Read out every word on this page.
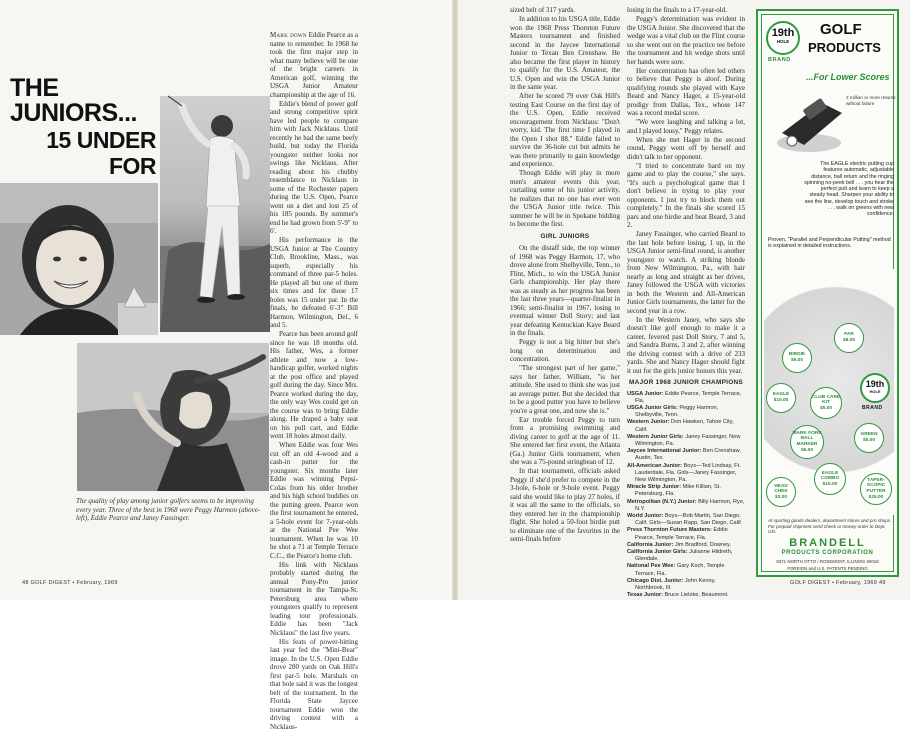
THE JUNIORS...
15 UNDER
FOR
The quality of play among junior golfers seems to be improving every year. Three of the best in 1968 were Peggy Harmon (above-left), Eddie Pearce and Janey Fassinger.

Mark down Eddie Pearce as a name to remember. In 1968 he took the first major step in what many believe will be one of the bright careers in American golf, winning the USGA Junior Amateur championship at the age of 16.

Eddie's blend of power golf and strong competitive spirit have led people to compare him with Jack Nicklaus. Until recently he had the same beefy build, but today the Florida youngster neither looks nor swings like Nicklaus. After reading about his chubby resemblance to Nicklaus in some of the Rochester papers during the U.S. Open, Pearce went on a diet and lost 25 of his 185 pounds. By summer's end he had grown from 5'-9" to 6'.

His performance in the USGA Junior at The Country Club, Brookline, Mass., was superb, especially his command of three par-5 holes. He played all but one of them six times and for those 17 holes was 15 under par. In the finals, he defeated 6'-3" Bill Harmon, Wilmington, Del., 6 and 5.

Pearce has been around golf since he was 18 months old. His father, Wes, a former athlete and now a low-handicap golfer, worked nights at the post office and played golf during the day. Since Mrs. Pearce worked during the day, the only way Wes could get on the course was to bring Eddie along. He draped a baby seat on his pull cart, and Eddie went 18 holes almost daily.

When Eddie was four Wes cut off an old 4-wood and a cash-in putter for the youngster. Six months later Eddie was winning Pepsi-Colas from his older brother and his high school buddies on the putting green. Pearce won the first tournament he entered, a 5-hole event for 7-year-olds at the National Pee Wee tournament. When he was 10 he shot a 71 at Temple Terrace C.C., the Pearce's home club.

His link with Nicklaus probably started during the annual Pony-Pro junior tournament in the Tampa-St. Petersburg area where youngsters qualify to represent leading tour professionals. Eddie has been "Jack Nicklaus" the last five years.

His feats of power-hitting last year fed the "Mini-Bear" image. In the U.S. Open Eddie drove 280 yards on Oak Hill's first par-5 hole. Marshals on that hole said it was the longest belt of the tournament. In the Florida State Jaycee tournament Eddie won the driving contest with a Nicklaus-

sized belt of 317 yards.

In addition to his USGA title, Eddie won the 1968 Press Thornton Future Masters tournament and finished second in the Jaycee International Junior to Texan Ben Crenshaw. He also became the first player in history to qualify for the U.S. Amateur, the U.S. Open and win the USGA Junior in the same year.

After he scored 79 over Oak Hill's testing East Course on the first day of the U.S. Open, Eddie received encouragement from Nicklaus: "Don't worry, kid. The first time I played in the Open I shot 88." Eddie failed to survive the 36-hole cut but admits he was there primarily to gain knowledge and experience.

Though Eddie will play in more men's amateur events this year, curtailing some of his junior activity, he realizes that no one has ever won the USGA Junior title twice. This summer he will be in Spokane bidding to become the first.

GIRL JUNIORS

On the distaff side, the top winner of 1968 was Peggy Harmon, 17, who drove alone from Shelbyville, Tenn., to Flint, Mich., to win the USGA Junior Girls championship. Her play there was as steady as her progress has been the last three years—quarter-finalist in 1966; semi-finalist in 1967, losing to eventual winner Doll Story; and last year defeating Kentuckian Kaye Beard in the finals.

Peggy is not a big hitter but she's long on determination and concentration.

"The strongest part of her game," says her father, William, "is her attitude. She used to think she was just an average putter. But she decided that to be a good putter you have to believe you're a great one, and now she is."

Ear trouble forced Peggy to turn from a promising swimming and diving career to golf at the age of 11. She entered her first event, the Atlanta (Ga.) Junior Girls tournament, when she was a 75-pound stringbean of 12.

In that tournament, officials asked Peggy if she'd prefer to compete in the 3-hole, 6-hole or 9-hole event. Peggy said she would like to play 27 holes, if it was all the same to the officials, so they entered her in the championship flight. She holed a 50-foot birdie putt to eliminate one of the favorites in the semi-finals before

losing in the finals to a 17-year-old.

Peggy's determination was evident in the USGA Junior. She discovered that the wedge was a vital club on the Flint course so she went out on the practice tee before the tournament and hit wedge shots until her hands were sore.

Her concentration has often led others to believe that Peggy is aloof. During qualifying rounds she played with Kaye Beard and Nancy Hager, a 15-year-old prodigy from Dallas, Tex., whose 147 was a record medal score.

"We were laughing and talking a lot, and I played lousy," Peggy relates.

When she met Hager in the second round, Peggy went off by herself and didn't talk to her opponent.

"I tried to concentrate hard on my game and to play the course," she says. "It's such a psychological game that I don't believe in trying to play your opponents. I just try to block them out completely." In the finals she scored 15 pars and one birdie and beat Beard, 3 and 2.

Janey Fassinger, who carried Beard to the last hole before losing, 1 up, in the USGA Junior semi-final round, is another youngster to watch. A striking blonde from New Wilmington, Pa., with hair nearly as long and straight as her drives, Janey followed the USGA with victories in both the Western and All-American Junior Girls tournaments, the latter for the second year in a row.

In the Western Janey, who says she doesn't like golf enough to make it a career, fevered past Doll Story, 7 and 5, and Sandra Burns, 3 and 2, after winning the driving contest with a drive of 233 yards. She and Nancy Hager should fight it out for the girls junior honors this year.

MAJOR 1968 JUNIOR CHAMPIONS
USGA Junior: Eddie Pearce, Temple Terrace, Fla.
USGA Junior Girls: Peggy Harmon, Shelbyville, Tenn.
Western Junior: Don Hawken, Tahoe City, Calif.
Western Junior Girls: Janey Fassinger, New Wilmington, Pa.
Jaycee International Junior: Ben Crenshaw, Austin, Tex.
All-American Junior: Boys—Ted Lindsay, Ft. Lauderdale, Fla. Girls—Janey Fassinger, New Wilmington, Pa.
Miracle Strip Junior: Mike Killian, St. Petersburg, Fla.
Metropolitan (N.Y.) Junior: Billy Harmon, Rye, N.Y.
World Junior: Boys—Bob Martin, San Diego, Calif. Girls—Susan Rapp, San Diego, Calif.
Press Thornton Future Masters: Eddie Pearce, Temple Terrace, Fla.
California Junior: Jim Bradford, Downey.
California Junior Girls: Julianne Hildreth, Glendale.
National Pee Wee: Gary Koch, Temple Terrace, Fla.
Chicago Dist. Junior: John Kenny, Northbrook, Ill.
Texas Junior: Bruce Lietzke, Beaumont.
48 GOLF DIGEST • February, 1969	GOLF DIGEST • February, 1969 49
19th
HOLE
BRAND
GOLF
PRODUCTS
...For Lower Scores
2 million or more returns without failure
The EAGLE electric putting cup features automatic, adjustable distance, ball return and the ringing spinning no-peek bell . . . you hear the perfect putt and learn to keep a steady head. Sharpen your ability to see the line, develop touch and stroke . . . walk on greens with new confidence.
Proven, "Parallel and Perpendicular Putting" method is explained in detailed instructions.
PAR
$8.00
BIRDIE
$9.00
EAGLE
$10.00
CLUB CARE KIT
$5.00
19th
HOLE
BRAND
MARK FORE BALL MARKER
$5.00
GREEN
$5.00
HEAD CHEK
$3.00
EAGLE COMBO
$15.00
TAPER-SCOPIC PUTTER
$25.00
At sporting goods dealers, department stores and pro shops. For prepaid shipment send check or money order to Dept. GD.
BRANDELL
PRODUCTS CORPORATION
8371 NORTH OTTO / ROSEMONT, ILLINOIS 60018
FOREIGN and U.S. PATENTS PENDING
